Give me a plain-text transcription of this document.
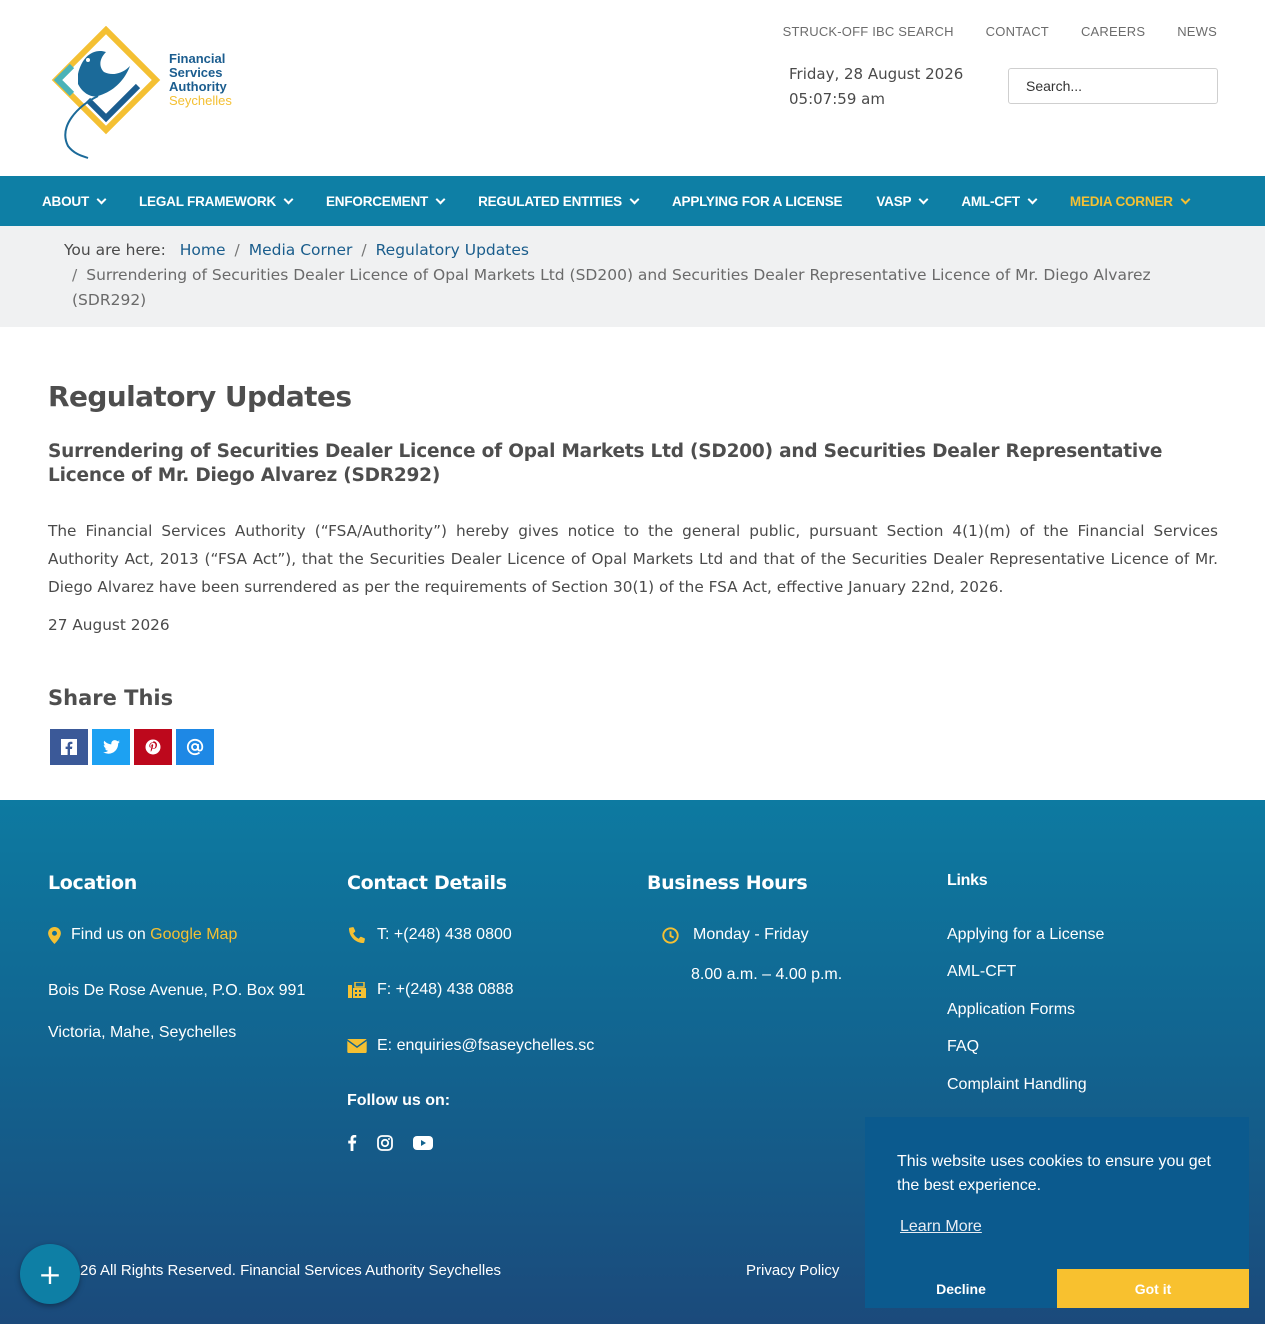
Financial
Services
Authority
Seychelles
STRUCK-OFF IBC SEARCH CONTACT CAREERS NEWS
Friday, 28 August 2026
05:07:59 am
Search...
ABOUT	LEGAL FRAMEWORK	ENFORCEMENT	REGULATED ENTITIES	APPLYING FOR A LICENSE	VASP	AML-CFT	MEDIA CORNER
You are here: Home / Media Corner / Regulatory Updates
/ Surrendering of Securities Dealer Licence of Opal Markets Ltd (SD200) and Securities Dealer Representative Licence of Mr. Diego Alvarez (SDR292)
Regulatory Updates
Surrendering of Securities Dealer Licence of Opal Markets Ltd (SD200) and Securities Dealer Representative Licence of Mr. Diego Alvarez (SDR292)

The Financial Services Authority (“FSA/Authority”) hereby gives notice to the general public, pursuant Section 4(1)(m) of the Financial Services Authority Act, 2013 (“FSA Act”), that the Securities Dealer Licence of Opal Markets Ltd and that of the Securities Dealer Representative Licence of Mr. Diego Alvarez have been surrendered as per the requirements of Section 30(1) of the FSA Act, effective January 22nd, 2026.

27 August 2026

Share This
Location
Find us on
Google Map
Bois De Rose Avenue, P.O. Box 991
Victoria, Mahe, Seychelles
Contact Details
T: +(248) 438 0800
F: +(248) 438 0888
E: enquiries@fsaseychelles.sc
Follow us on:
Business Hours
Monday - Friday
8.00 a.m. – 4.00 p.m.
Links
Applying for a License
AML-CFT
Application Forms
FAQ
Complaint Handling
26 All Rights Reserved. Financial Services Authority Seychelles	Privacy Policy
+
This website uses cookies to ensure you get the best experience.
Learn More
Decline	Got it
